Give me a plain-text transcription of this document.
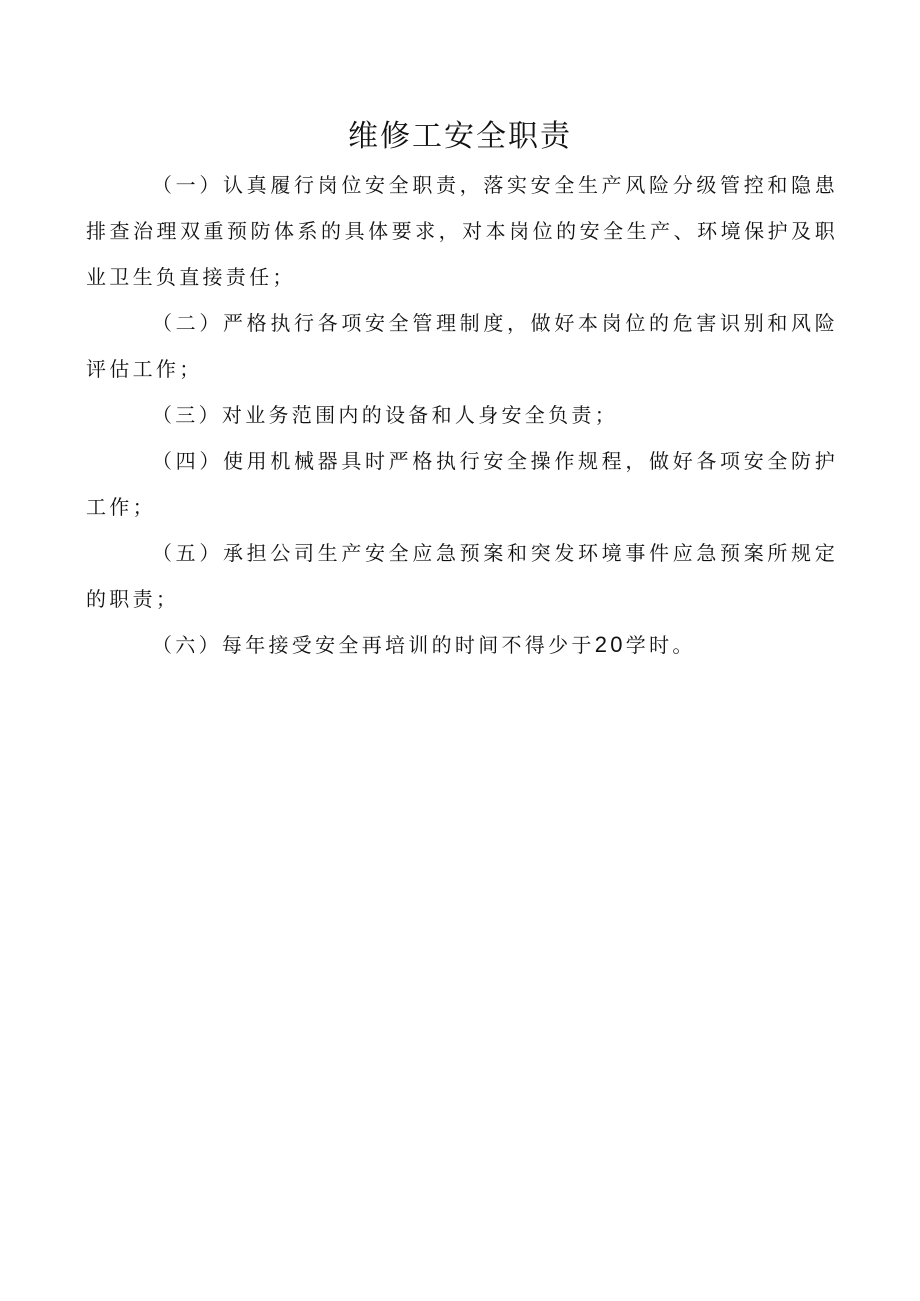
维修工安全职责

（一）认真履行岗位安全职责，落实安全生产风险分级管控和隐患排查治理双重预防体系的具体要求，对本岗位的安全生产、环境保护及职业卫生负直接责任；

（二）严格执行各项安全管理制度，做好本岗位的危害识别和风险评估工作；

（三）对业务范围内的设备和人身安全负责；

（四）使用机械器具时严格执行安全操作规程，做好各项安全防护工作；

（五）承担公司生产安全应急预案和突发环境事件应急预案所规定的职责；

（六）每年接受安全再培训的时间不得少于20学时。
